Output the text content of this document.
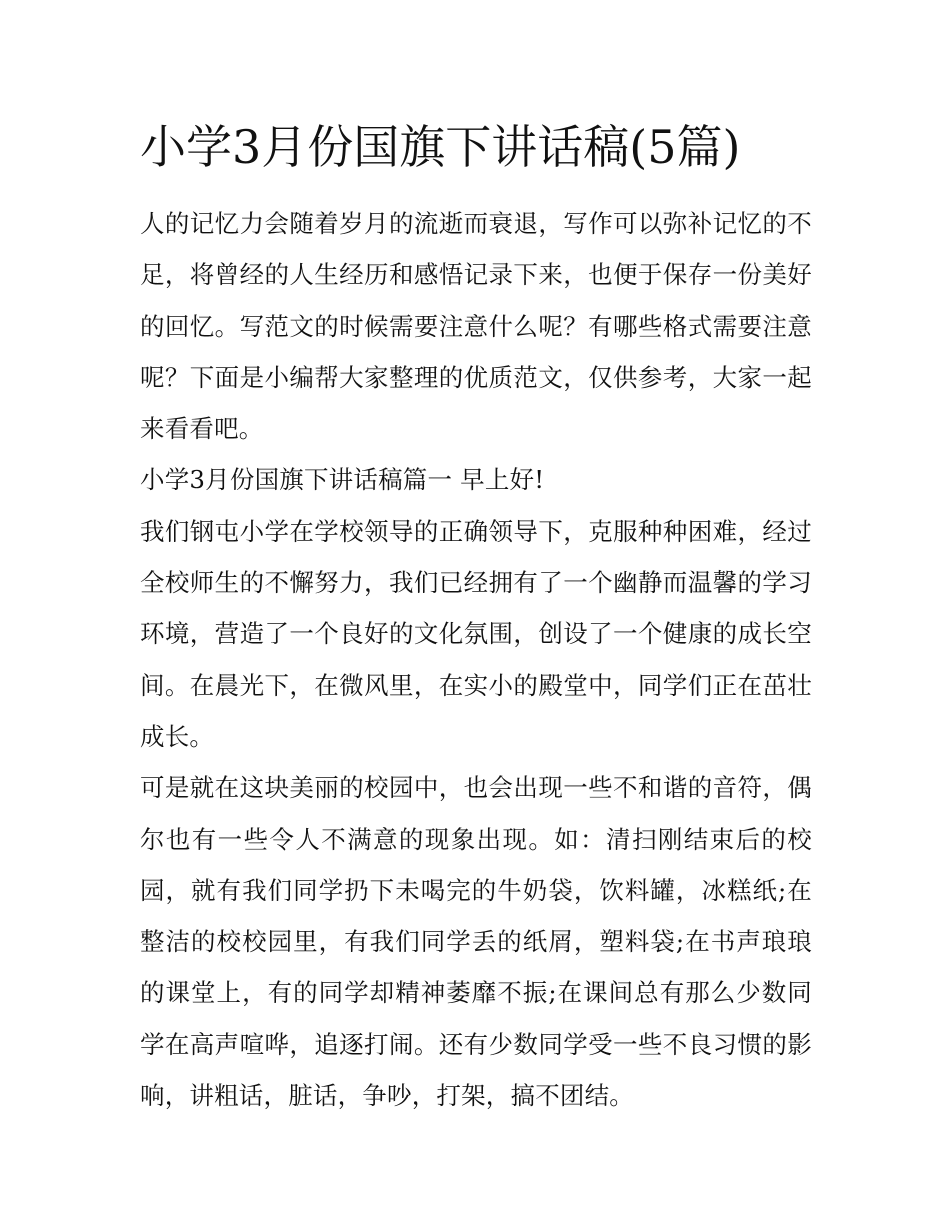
小学3月份国旗下讲话稿(5篇)

人的记忆力会随着岁月的流逝而衰退，写作可以弥补记忆的不足，将曾经的人生经历和感悟记录下来，也便于保存一份美好的回忆。写范文的时候需要注意什么呢？有哪些格式需要注意呢？下面是小编帮大家整理的优质范文，仅供参考，大家一起来看看吧。

小学3月份国旗下讲话稿篇一 早上好!

我们钢屯小学在学校领导的正确领导下，克服种种困难，经过全校师生的不懈努力，我们已经拥有了一个幽静而温馨的学习环境，营造了一个良好的文化氛围，创设了一个健康的成长空间。在晨光下，在微风里，在实小的殿堂中，同学们正在茁壮成长。

可是就在这块美丽的校园中，也会出现一些不和谐的音符，偶尔也有一些令人不满意的现象出现。如：清扫刚结束后的校园，就有我们同学扔下未喝完的牛奶袋，饮料罐，冰糕纸;在整洁的校校园里，有我们同学丢的纸屑，塑料袋;在书声琅琅的课堂上，有的同学却精神萎靡不振;在课间总有那么少数同学在高声喧哗，追逐打闹。还有少数同学受一些不良习惯的影响，讲粗话，脏话，争吵，打架，搞不团结。
